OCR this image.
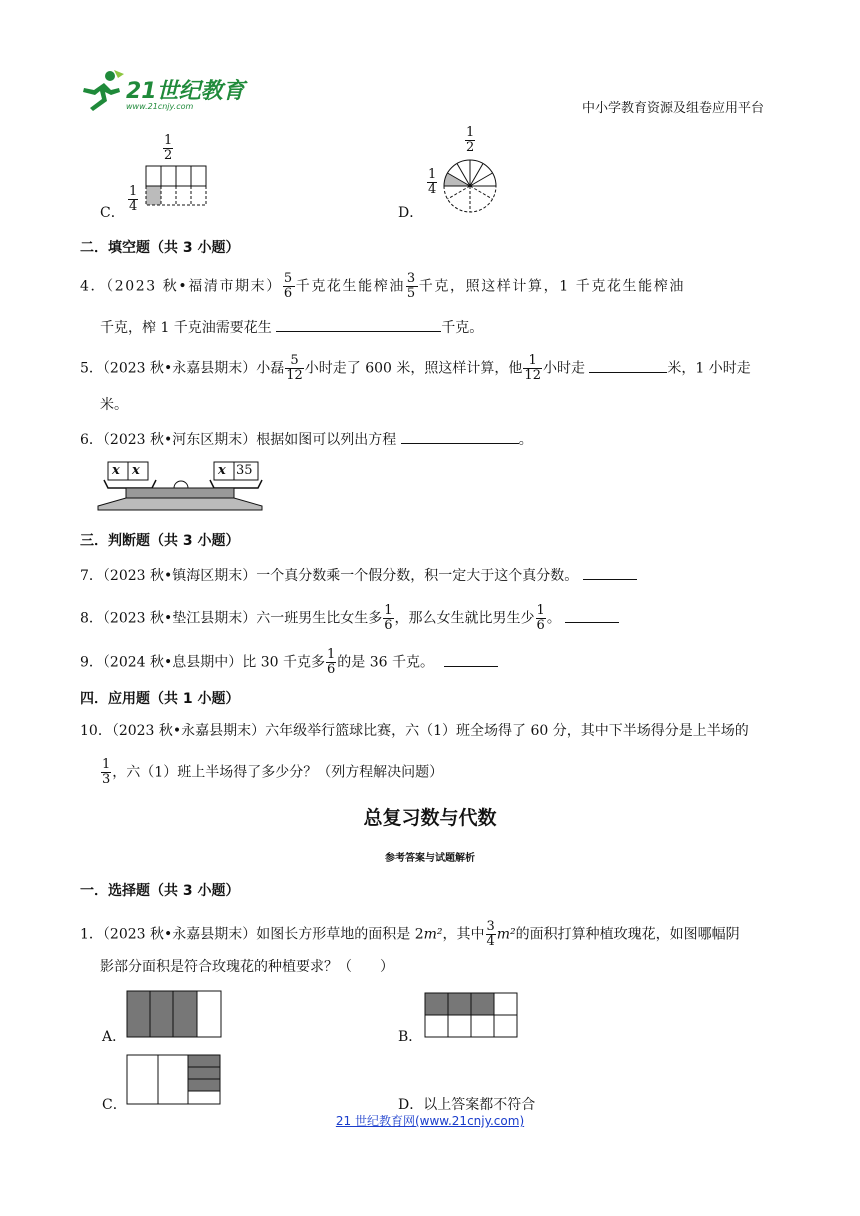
21世纪教育
www.21cnjy.com	中小学教育资源及组卷应用平台
C．
$\frac{1}{2}$
$\frac{1}{4}$	D．
$\frac{1}{2}$
$\frac{1}{4}$
二．填空题（共 3 小题）
4．（2023 秋•福清市期末） $\frac{5}{6}$ 千克花生能榨油 $\frac{3}{5}$ 千克，照这样计算，1 千克花生能榨油
千克，榨 1 千克油需要花生	千克。
5．（2023 秋•永嘉县期末）小磊 $\frac{5}{12}$ 小时走了 600 米，照这样计算，他 $\frac{1}{12}$ 小时走	米，1 小时走
米。
6．（2023 秋•河东区期末）根据如图可以列出方程	。
x x	x 35
三．判断题（共 3 小题）
7．（2023 秋•镇海区期末）一个真分数乘一个假分数，积一定大于这个真分数。
8．（2023 秋•垫江县期末）六一班男生比女生多 $\frac{1}{6}$ ，那么女生就比男生少 $\frac{1}{6}$ 。
9．（2024 秋•息县期中）比 30 千克多 $\frac{1}{6}$ 的是 36 千克。
四．应用题（共 1 小题）
10．（2023 秋•永嘉县期末）六年级举行篮球比赛，六（1）班全场得了 60 分，其中下半场得分是上半场的
$\frac{1}{3}$ ，六（1）班上半场得了多少分？（列方程解决问题）
总复习数与代数
参考答案与试题解析
一．选择题（共 3 小题）
1．（2023 秋•永嘉县期末）如图长方形草地的面积是 2m²，其中 $\frac{3}{4} m^2$的面积打算种植玫瑰花，如图哪幅阴
影部分面积是符合玫瑰花的种植要求？（　　）
A．	B．
C．	D．以上答案都不符合
21 世纪教育网(www.21cnjy.com)
